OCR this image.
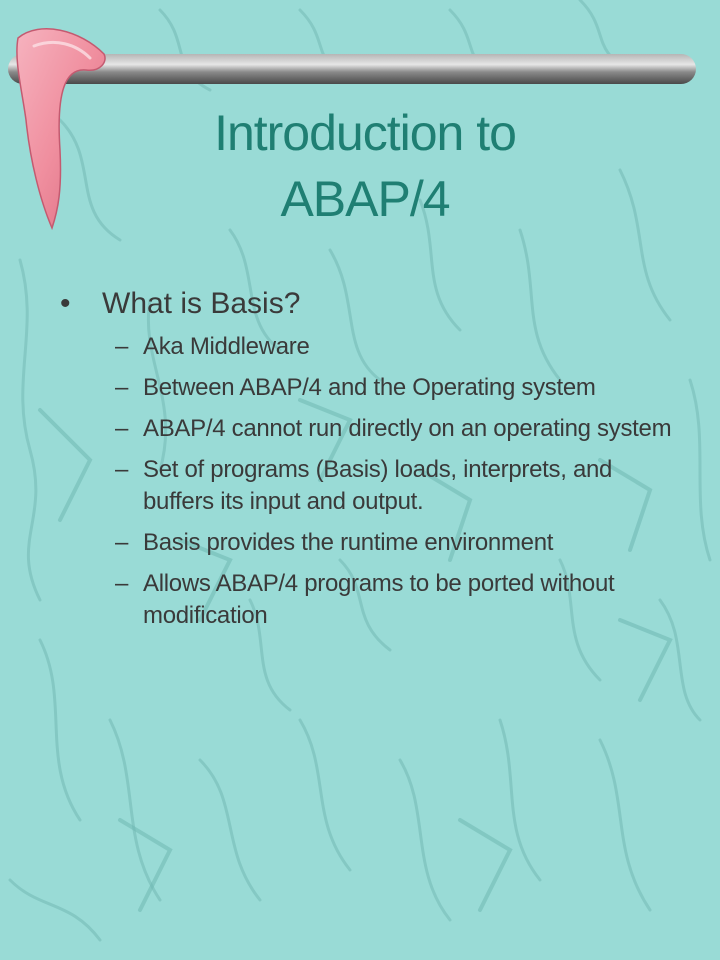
Introduction to
ABAP/4
• What is Basis?
– Aka Middleware
– Between ABAP/4 and the Operating system
– ABAP/4 cannot run directly on an operating system
– Set of programs (Basis) loads, interprets, and buffers its input and output.
– Basis provides the runtime environment
– Allows ABAP/4 programs to be ported without modification
